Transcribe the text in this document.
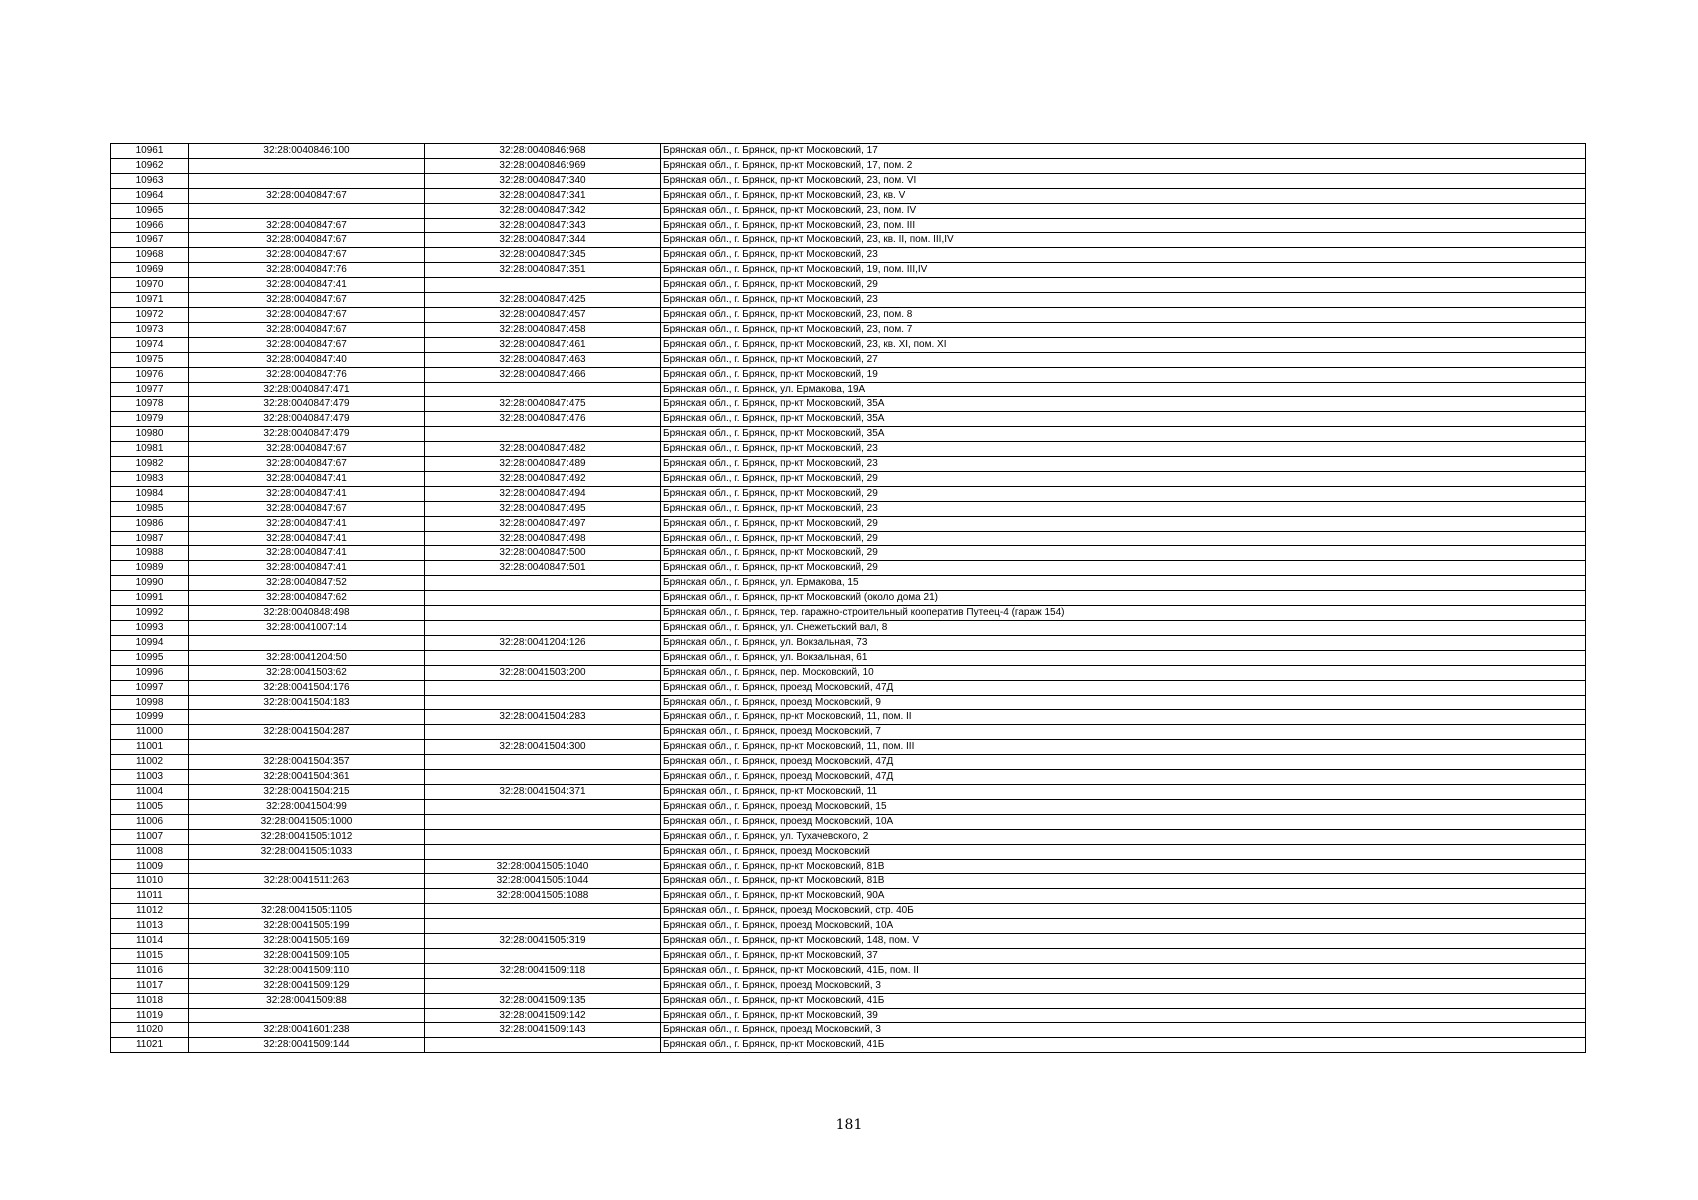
10961	32:28:0040846:100	32:28:0040846:968	Брянская обл., г. Брянск, пр-кт Московский, 17
10962		32:28:0040846:969	Брянская обл., г. Брянск, пр-кт Московский, 17, пом. 2
10963		32:28:0040847:340	Брянская обл., г. Брянск, пр-кт Московский, 23, пом. VI
10964	32:28:0040847:67	32:28:0040847:341	Брянская обл., г. Брянск, пр-кт Московский, 23, кв. V
10965		32:28:0040847:342	Брянская обл., г. Брянск, пр-кт Московский, 23, пом. IV
10966	32:28:0040847:67	32:28:0040847:343	Брянская обл., г. Брянск, пр-кт Московский, 23, пом. III
10967	32:28:0040847:67	32:28:0040847:344	Брянская обл., г. Брянск, пр-кт Московский, 23, кв. II, пом. III,IV
10968	32:28:0040847:67	32:28:0040847:345	Брянская обл., г. Брянск, пр-кт Московский, 23
10969	32:28:0040847:76	32:28:0040847:351	Брянская обл., г. Брянск, пр-кт Московский, 19, пом. III,IV
10970	32:28:0040847:41		Брянская обл., г. Брянск, пр-кт Московский, 29
10971	32:28:0040847:67	32:28:0040847:425	Брянская обл., г. Брянск, пр-кт Московский, 23
10972	32:28:0040847:67	32:28:0040847:457	Брянская обл., г. Брянск, пр-кт Московский, 23, пом. 8
10973	32:28:0040847:67	32:28:0040847:458	Брянская обл., г. Брянск, пр-кт Московский, 23, пом. 7
10974	32:28:0040847:67	32:28:0040847:461	Брянская обл., г. Брянск, пр-кт Московский, 23, кв. XI, пом. XI
10975	32:28:0040847:40	32:28:0040847:463	Брянская обл., г. Брянск, пр-кт Московский, 27
10976	32:28:0040847:76	32:28:0040847:466	Брянская обл., г. Брянск, пр-кт Московский, 19
10977	32:28:0040847:471		Брянская обл., г. Брянск, ул. Ермакова, 19А
10978	32:28:0040847:479	32:28:0040847:475	Брянская обл., г. Брянск, пр-кт Московский, 35А
10979	32:28:0040847:479	32:28:0040847:476	Брянская обл., г. Брянск, пр-кт Московский, 35А
10980	32:28:0040847:479		Брянская обл., г. Брянск, пр-кт Московский, 35А
10981	32:28:0040847:67	32:28:0040847:482	Брянская обл., г. Брянск, пр-кт Московский, 23
10982	32:28:0040847:67	32:28:0040847:489	Брянская обл., г. Брянск, пр-кт Московский, 23
10983	32:28:0040847:41	32:28:0040847:492	Брянская обл., г. Брянск, пр-кт Московский, 29
10984	32:28:0040847:41	32:28:0040847:494	Брянская обл., г. Брянск, пр-кт Московский, 29
10985	32:28:0040847:67	32:28:0040847:495	Брянская обл., г. Брянск, пр-кт Московский, 23
10986	32:28:0040847:41	32:28:0040847:497	Брянская обл., г. Брянск, пр-кт Московский, 29
10987	32:28:0040847:41	32:28:0040847:498	Брянская обл., г. Брянск, пр-кт Московский, 29
10988	32:28:0040847:41	32:28:0040847:500	Брянская обл., г. Брянск, пр-кт Московский, 29
10989	32:28:0040847:41	32:28:0040847:501	Брянская обл., г. Брянск, пр-кт Московский, 29
10990	32:28:0040847:52		Брянская обл., г. Брянск, ул. Ермакова, 15
10991	32:28:0040847:62		Брянская обл., г. Брянск, пр-кт Московский (около дома 21)
10992	32:28:0040848:498		Брянская обл., г. Брянск, тер. гаражно-строительный кооператив Путеец-4 (гараж 154)
10993	32:28:0041007:14		Брянская обл., г. Брянск, ул. Снежетьский вал, 8
10994		32:28:0041204:126	Брянская обл., г. Брянск, ул. Вокзальная, 73
10995	32:28:0041204:50		Брянская обл., г. Брянск, ул. Вокзальная, 61
10996	32:28:0041503:62	32:28:0041503:200	Брянская обл., г. Брянск, пер. Московский, 10
10997	32:28:0041504:176		Брянская обл., г. Брянск, проезд Московский, 47Д
10998	32:28:0041504:183		Брянская обл., г. Брянск, проезд Московский, 9
10999		32:28:0041504:283	Брянская обл., г. Брянск, пр-кт Московский, 11, пом. II
11000	32:28:0041504:287		Брянская обл., г. Брянск, проезд Московский, 7
11001		32:28:0041504:300	Брянская обл., г. Брянск, пр-кт Московский, 11, пом. III
11002	32:28:0041504:357		Брянская обл., г. Брянск, проезд Московский, 47Д
11003	32:28:0041504:361		Брянская обл., г. Брянск, проезд Московский, 47Д
11004	32:28:0041504:215	32:28:0041504:371	Брянская обл., г. Брянск, пр-кт Московский, 11
11005	32:28:0041504:99		Брянская обл., г. Брянск, проезд Московский, 15
11006	32:28:0041505:1000		Брянская обл., г. Брянск, проезд Московский, 10А
11007	32:28:0041505:1012		Брянская обл., г. Брянск, ул. Тухачевского, 2
11008	32:28:0041505:1033		Брянская обл., г. Брянск, проезд Московский
11009		32:28:0041505:1040	Брянская обл., г. Брянск, пр-кт Московский, 81В
11010	32:28:0041511:263	32:28:0041505:1044	Брянская обл., г. Брянск, пр-кт Московский, 81В
11011		32:28:0041505:1088	Брянская обл., г. Брянск, пр-кт Московский, 90А
11012	32:28:0041505:1105		Брянская обл., г. Брянск, проезд Московский, стр. 40Б
11013	32:28:0041505:199		Брянская обл., г. Брянск, проезд Московский, 10А
11014	32:28:0041505:169	32:28:0041505:319	Брянская обл., г. Брянск, пр-кт Московский, 148, пом. V
11015	32:28:0041509:105		Брянская обл., г. Брянск, пр-кт Московский, 37
11016	32:28:0041509:110	32:28:0041509:118	Брянская обл., г. Брянск, пр-кт Московский, 41Б, пом. II
11017	32:28:0041509:129		Брянская обл., г. Брянск, проезд Московский, 3
11018	32:28:0041509:88	32:28:0041509:135	Брянская обл., г. Брянск, пр-кт Московский, 41Б
11019		32:28:0041509:142	Брянская обл., г. Брянск, пр-кт Московский, 39
11020	32:28:0041601:238	32:28:0041509:143	Брянская обл., г. Брянск, проезд Московский, 3
11021	32:28:0041509:144		Брянская обл., г. Брянск, пр-кт Московский, 41Б
181
